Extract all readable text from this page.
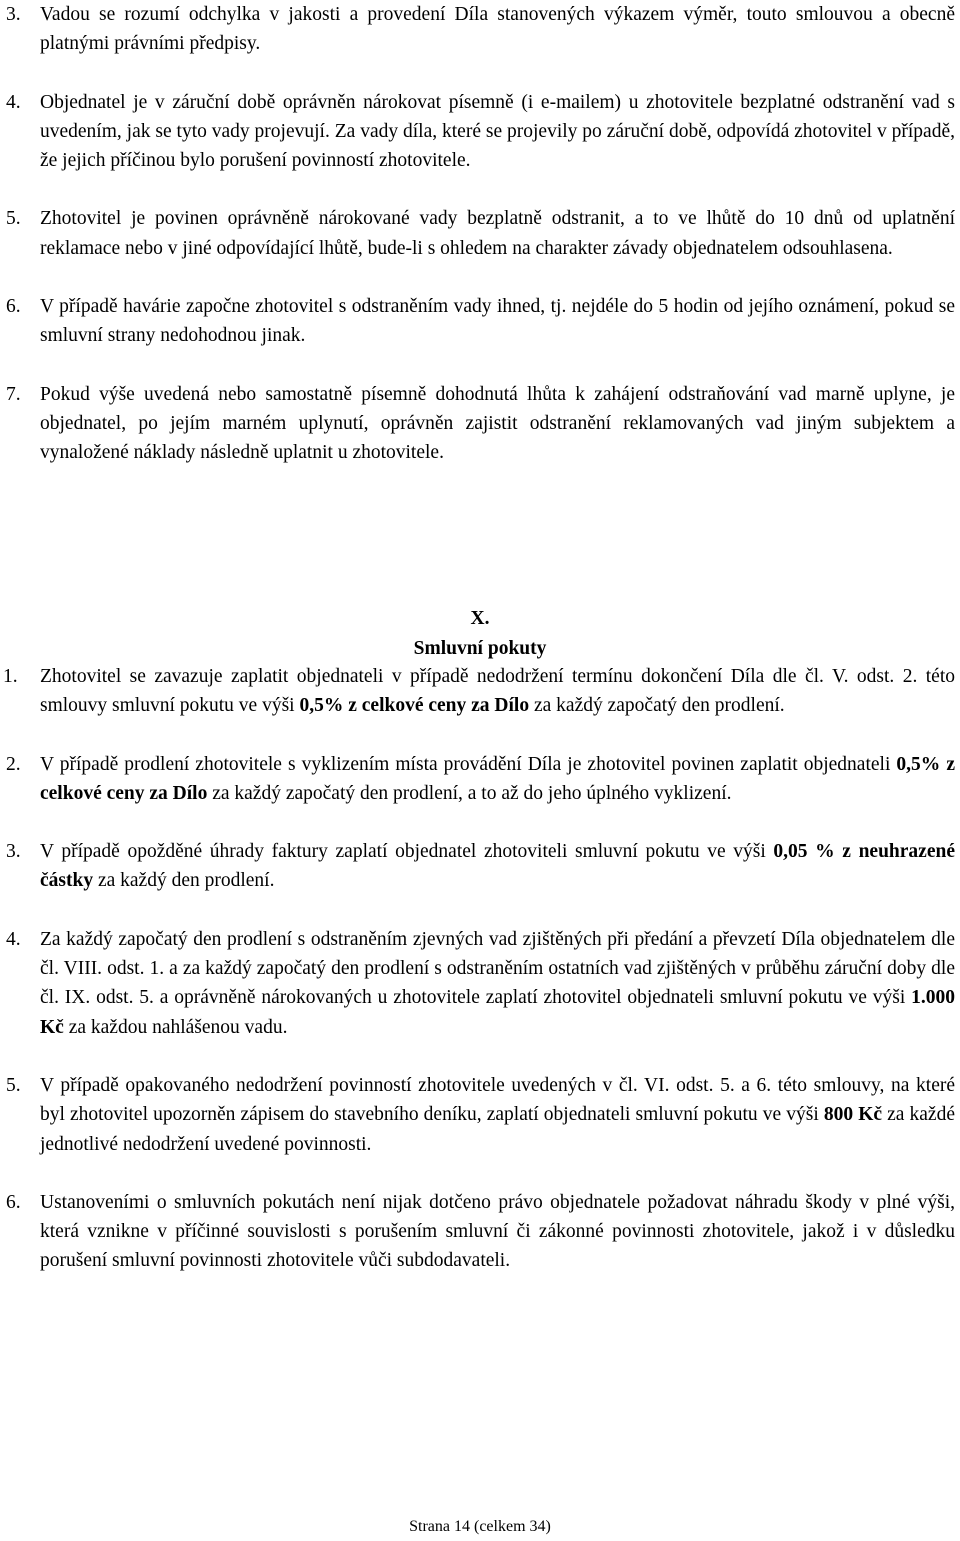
3. Vadou se rozumí odchylka v jakosti a provedení Díla stanovených výkazem výměr, touto smlouvou a obecně platnými právními předpisy.
4. Objednatel je v záruční době oprávněn nárokovat písemně (i e-mailem) u zhotovitele bezplatné odstranění vad s uvedením, jak se tyto vady projevují. Za vady díla, které se projevily po záruční době, odpovídá zhotovitel v případě, že jejich příčinou bylo porušení povinností zhotovitele.
5. Zhotovitel je povinen oprávněně nárokované vady bezplatně odstranit, a to ve lhůtě do 10 dnů od uplatnění reklamace nebo v jiné odpovídající lhůtě, bude-li s ohledem na charakter závady objednatelem odsouhlasena.
6. V případě havárie započne zhotovitel s odstraněním vady ihned, tj. nejdéle do 5 hodin od jejího oznámení, pokud se smluvní strany nedohodnou jinak.
7. Pokud výše uvedená nebo samostatně písemně dohodnutá lhůta k zahájení odstraňování vad marně uplyne, je objednatel, po jejím marném uplynutí, oprávněn zajistit odstranění reklamovaných vad jiným subjektem a vynaložené náklady následně uplatnit u zhotovitele.
X.
Smluvní pokuty
1. Zhotovitel se zavazuje zaplatit objednateli v případě nedodržení termínu dokončení Díla dle čl. V. odst. 2. této smlouvy smluvní pokutu ve výši 0,5% z celkové ceny za Dílo za každý započatý den prodlení.
2. V případě prodlení zhotovitele s vyklizením místa provádění Díla je zhotovitel povinen zaplatit objednateli 0,5% z celkové ceny za Dílo za každý započatý den prodlení, a to až do jeho úplného vyklizení.
3. V případě opožděné úhrady faktury zaplatí objednatel zhotoviteli smluvní pokutu ve výši 0,05 % z neuhrazené částky za každý den prodlení.
4. Za každý započatý den prodlení s odstraněním zjevných vad zjištěných při předání a převzetí Díla objednatelem dle čl. VIII. odst. 1. a za každý započatý den prodlení s odstraněním ostatních vad zjištěných v průběhu záruční doby dle čl. IX. odst. 5. a oprávněně nárokovaných u zhotovitele zaplatí zhotovitel objednateli smluvní pokutu ve výši 1.000 Kč za každou nahlášenou vadu.
5. V případě opakovaného nedodržení povinností zhotovitele uvedených v čl. VI. odst. 5. a 6. této smlouvy, na které byl zhotovitel upozorněn zápisem do stavebního deníku, zaplatí objednateli smluvní pokutu ve výši 800 Kč za každé jednotlivé nedodržení uvedené povinnosti.
6. Ustanoveními o smluvních pokutách není nijak dotčeno právo objednatele požadovat náhradu škody v plné výši, která vznikne v příčinné souvislosti s porušením smluvní či zákonné povinnosti zhotovitele, jakož i v důsledku porušení smluvní povinnosti zhotovitele vůči subdodavateli.
Strana 14 (celkem 34)
